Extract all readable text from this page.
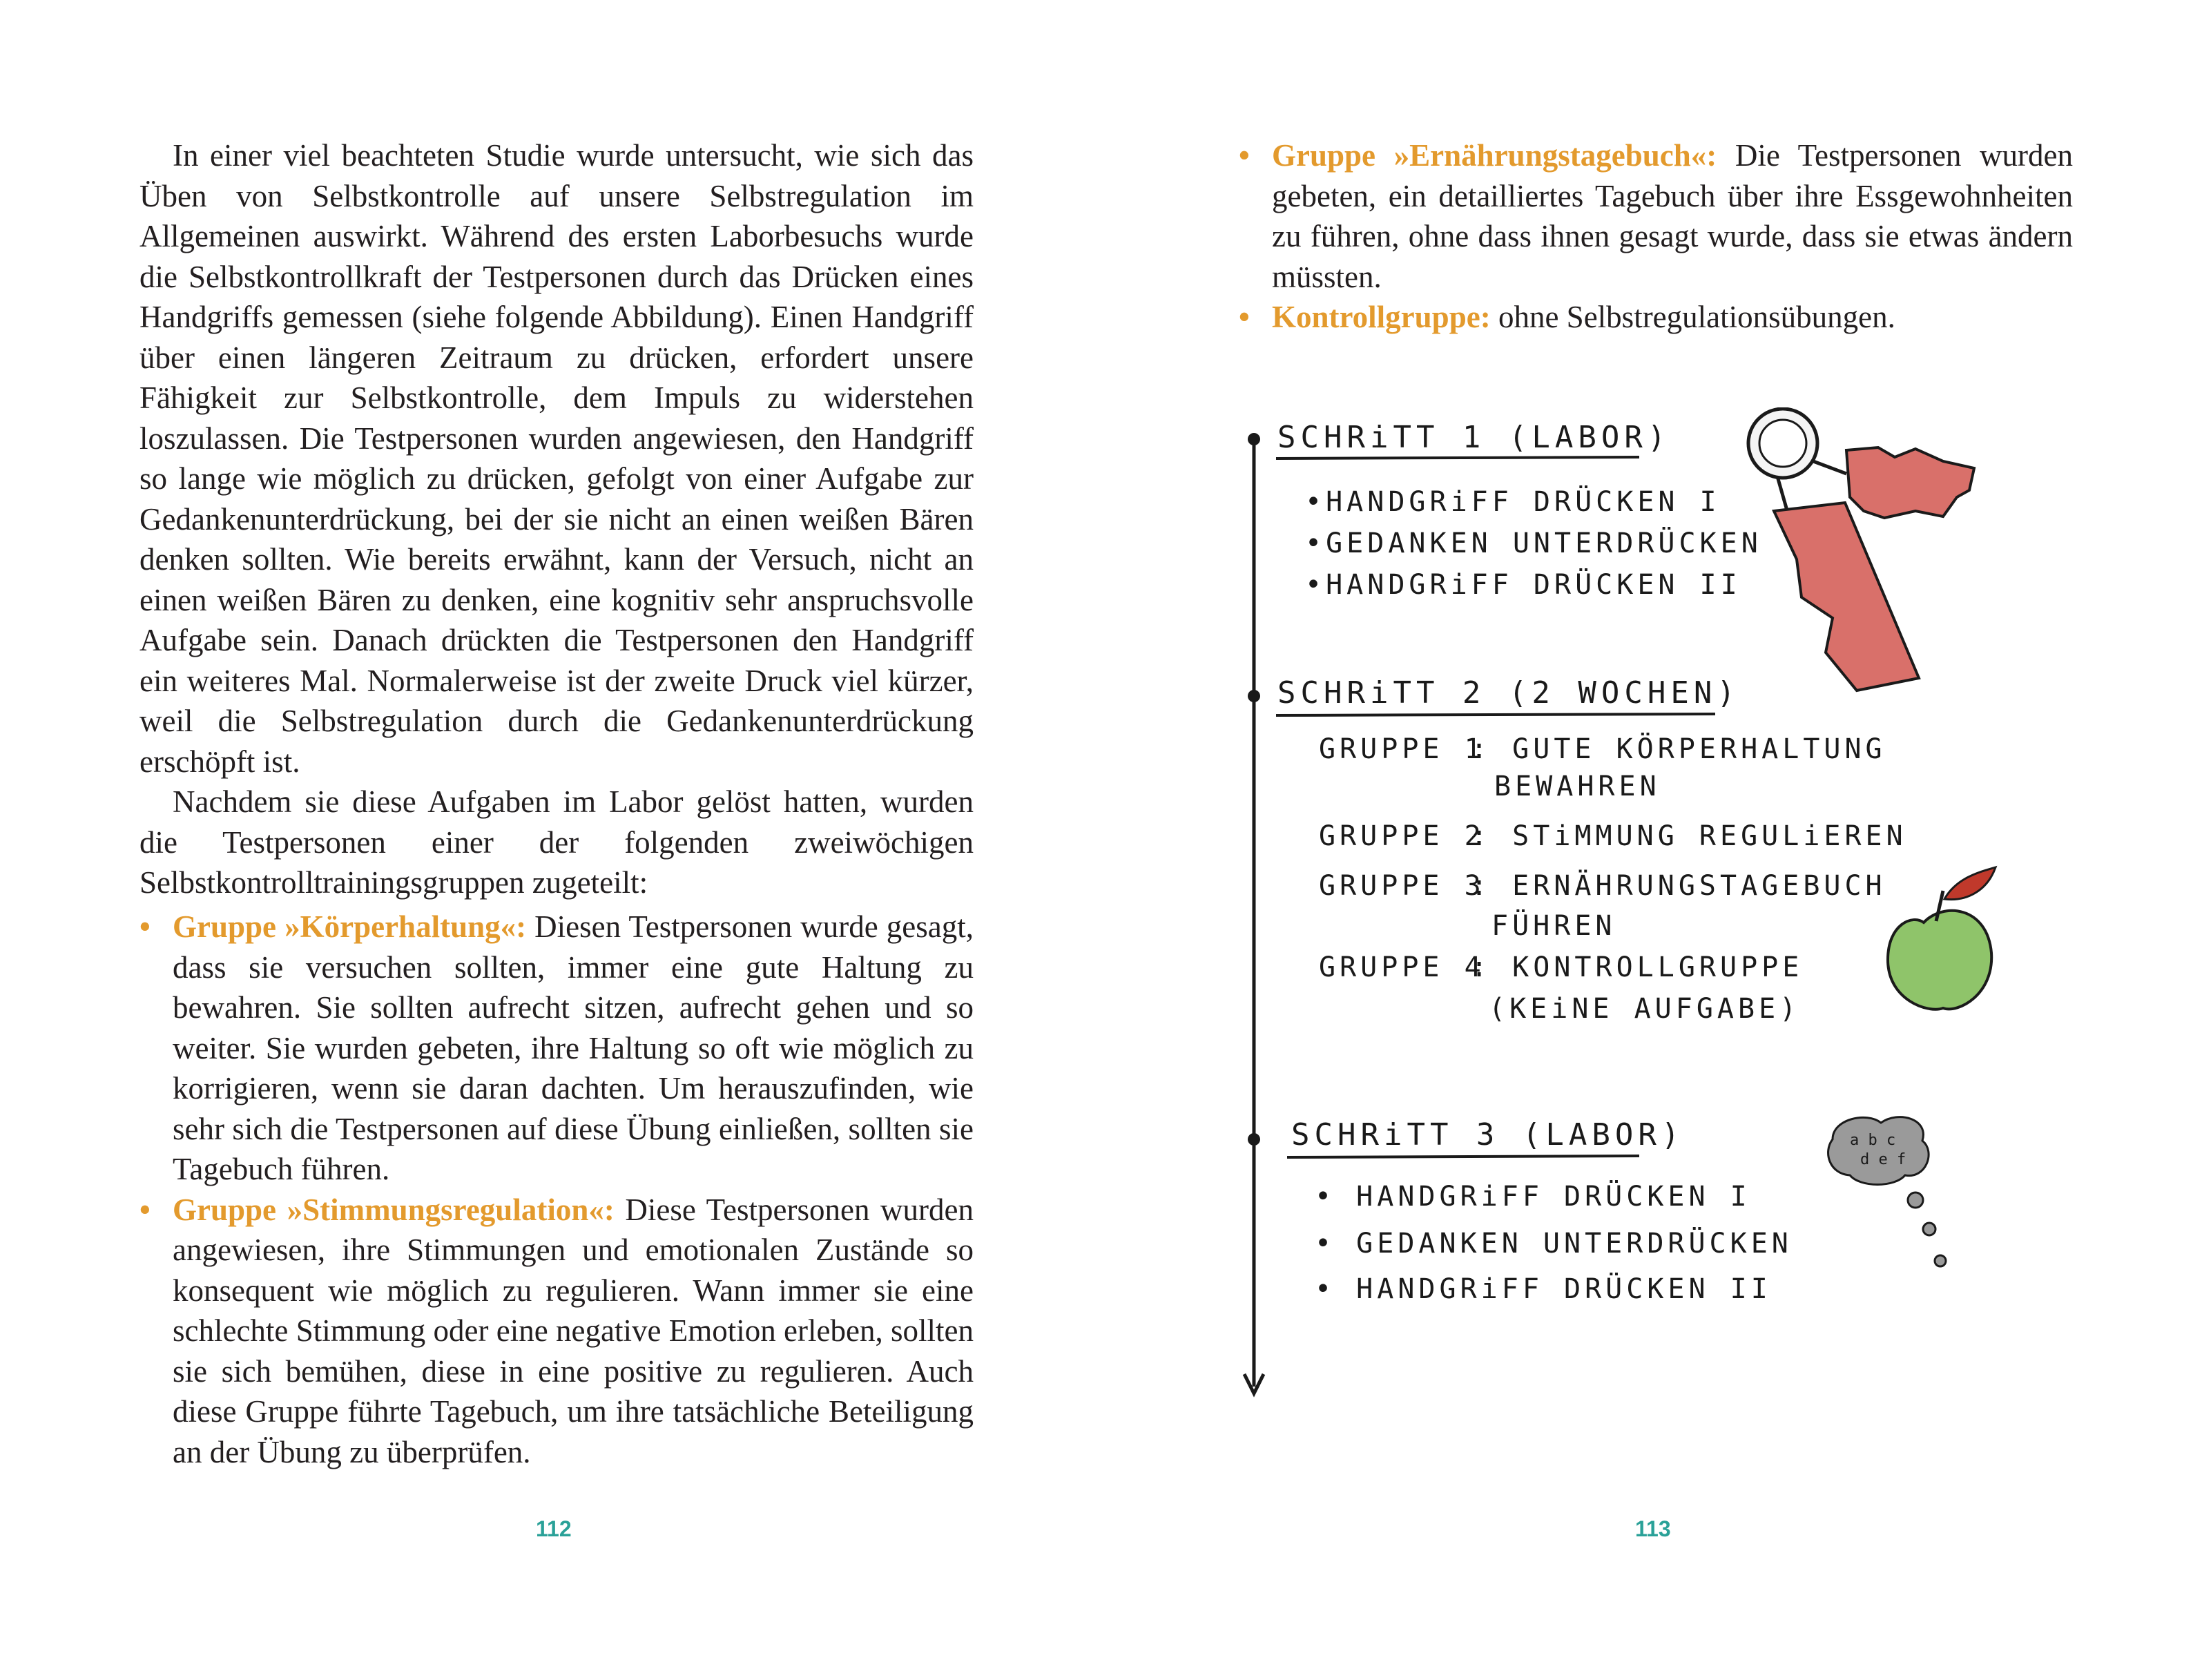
In einer viel beachteten Studie wurde untersucht, wie sich das Üben von Selbstkontrolle auf unsere Selbstregulation im Allgemeinen auswirkt. Während des ersten Laborbesuchs wurde die Selbstkontrollkraft der Testpersonen durch das Drücken eines Handgriffs gemessen (siehe folgende Abbildung). Einen Handgriff über einen längeren Zeitraum zu drücken, erfordert unsere Fähigkeit zur Selbstkontrolle, dem Impuls zu widerstehen loszulassen. Die Testpersonen wurden angewiesen, den Handgriff so lange wie möglich zu drücken, gefolgt von einer Aufgabe zur Gedankenunterdrückung, bei der sie nicht an einen weißen Bären denken sollten. Wie bereits erwähnt, kann der Versuch, nicht an einen weißen Bären zu denken, eine kognitiv sehr anspruchsvolle Aufgabe sein. Danach drückten die Testpersonen den Handgriff ein weiteres Mal. Normalerweise ist der zweite Druck viel kürzer, weil die Selbstregulation durch die Gedankenunterdrückung erschöpft ist.

Nachdem sie diese Aufgaben im Labor gelöst hatten, wurden die Testpersonen einer der folgenden zweiwöchigen Selbstkontrolltrainingsgruppen zugeteilt:

• Gruppe »Körperhaltung«: Diesen Testpersonen wurde gesagt, dass sie versuchen sollten, immer eine gute Haltung zu bewahren. Sie sollten aufrecht sitzen, aufrecht gehen und so weiter. Sie wurden gebeten, ihre Haltung so oft wie möglich zu korrigieren, wenn sie daran dachten. Um herauszufinden, wie sehr sich die Testpersonen auf diese Übung einließen, sollten sie Tagebuch führen.
• Gruppe »Stimmungsregulation«: Diese Testpersonen wurden angewiesen, ihre Stimmungen und emotionalen Zustände so konsequent wie möglich zu regulieren. Wann immer sie eine schlechte Stimmung oder eine negative Emotion erleben, sollten sie sich bemühen, diese in eine positive zu regulieren. Auch diese Gruppe führte Tagebuch, um ihre tatsächliche Beteiligung an der Übung zu überprüfen.
112
• Gruppe »Ernährungstagebuch«: Die Testpersonen wurden gebeten, ein detailliertes Tagebuch über ihre Essgewohnheiten zu führen, ohne dass ihnen gesagt wurde, dass sie etwas ändern müssten.
• Kontrollgruppe: ohne Selbstregulationsübungen.
SCHRiTT 1 (LABOR)
•HANDGRiFF DRÜCKEN I
•GEDANKEN UNTERDRÜCKEN
•HANDGRiFF DRÜCKEN II
SCHRiTT 2 (2 WOCHEN)
GRUPPE 1
: GUTE KÖRPERHALTUNG
BEWAHREN
GRUPPE 2
: STiMMUNG REGULiEREN
GRUPPE 3
: ERNÄHRUNGSTAGEBUCH
FÜHREN
GRUPPE 4
: KONTROLLGRUPPE
(KEiNE AUFGABE)
SCHRiTT 3 (LABOR)
• HANDGRiFF DRÜCKEN I
• GEDANKEN UNTERDRÜCKEN
• HANDGRiFF DRÜCKEN II
a b c
d e f
113
